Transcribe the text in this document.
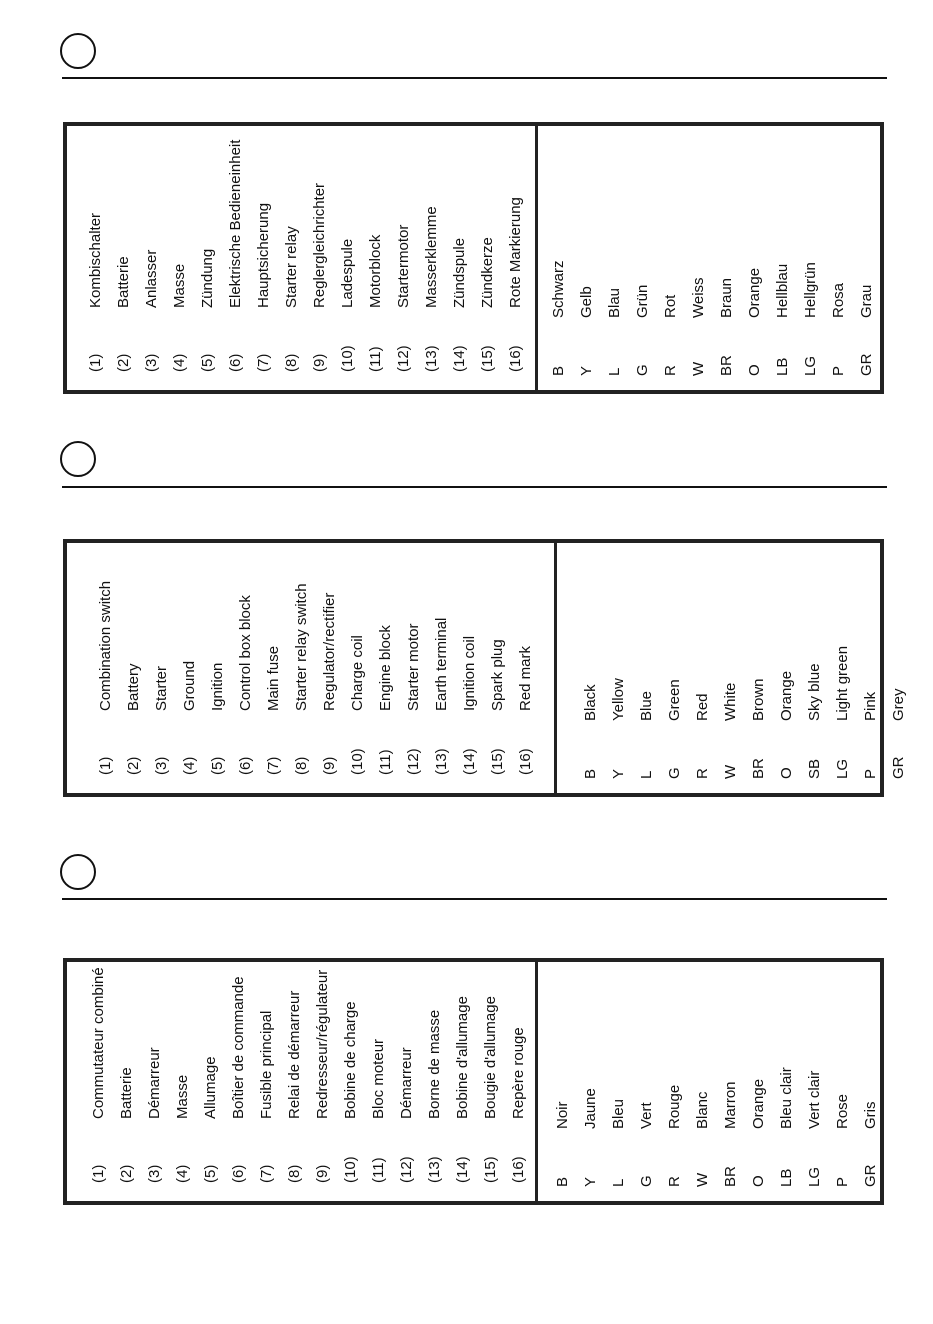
(1)
Kombischalter
(2)
Batterie
(3)
Anlasser
(4)
Masse
(5)
Zündung
(6)
Elektrische Bedieneinheit
(7)
Hauptsicherung
(8)
Starter relay
(9)
Reglergleichrichter
(10)
Ladespule
(11)
Motorblock
(12)
Startermotor
(13)
Masserklemme
(14)
Zündspule
(15)
Zündkerze
(16)
Rote Markierung
B
Schwarz
Y
Gelb
L
Blau
G
Grün
R
Rot
W
Weiss
BR
Braun
O
Orange
LB
Hellblau
LG
Hellgrün
P
Rosa
GR
Grau
(1)
Combination switch
(2)
Battery
(3)
Starter
(4)
Ground
(5)
Ignition
(6)
Control box block
(7)
Main fuse
(8)
Starter relay switch
(9)
Regulator/rectifier
(10)
Charge coil
(11)
Engine block
(12)
Starter motor
(13)
Earth terminal
(14)
Ignition coil
(15)
Spark plug
(16)
Red mark
B
Black
Y
Yellow
L
Blue
G
Green
R
Red
W
White
BR
Brown
O
Orange
SB
Sky blue
LG
Light green
P
Pink
GR
Grey
(1)
Commutateur combiné
(2)
Batterie
(3)
Démarreur
(4)
Masse
(5)
Allumage
(6)
Boîtier de commande
(7)
Fusible principal
(8)
Relai de démarreur
(9)
Redresseur/régulateur
(10)
Bobine de charge
(11)
Bloc moteur
(12)
Démarreur
(13)
Borne de masse
(14)
Bobine d'allumage
(15)
Bougie d'allumage
(16)
Repère rouge
B
Noir
Y
Jaune
L
Bleu
G
Vert
R
Rouge
W
Blanc
BR
Marron
O
Orange
LB
Bleu clair
LG
Vert clair
P
Rose
GR
Gris
